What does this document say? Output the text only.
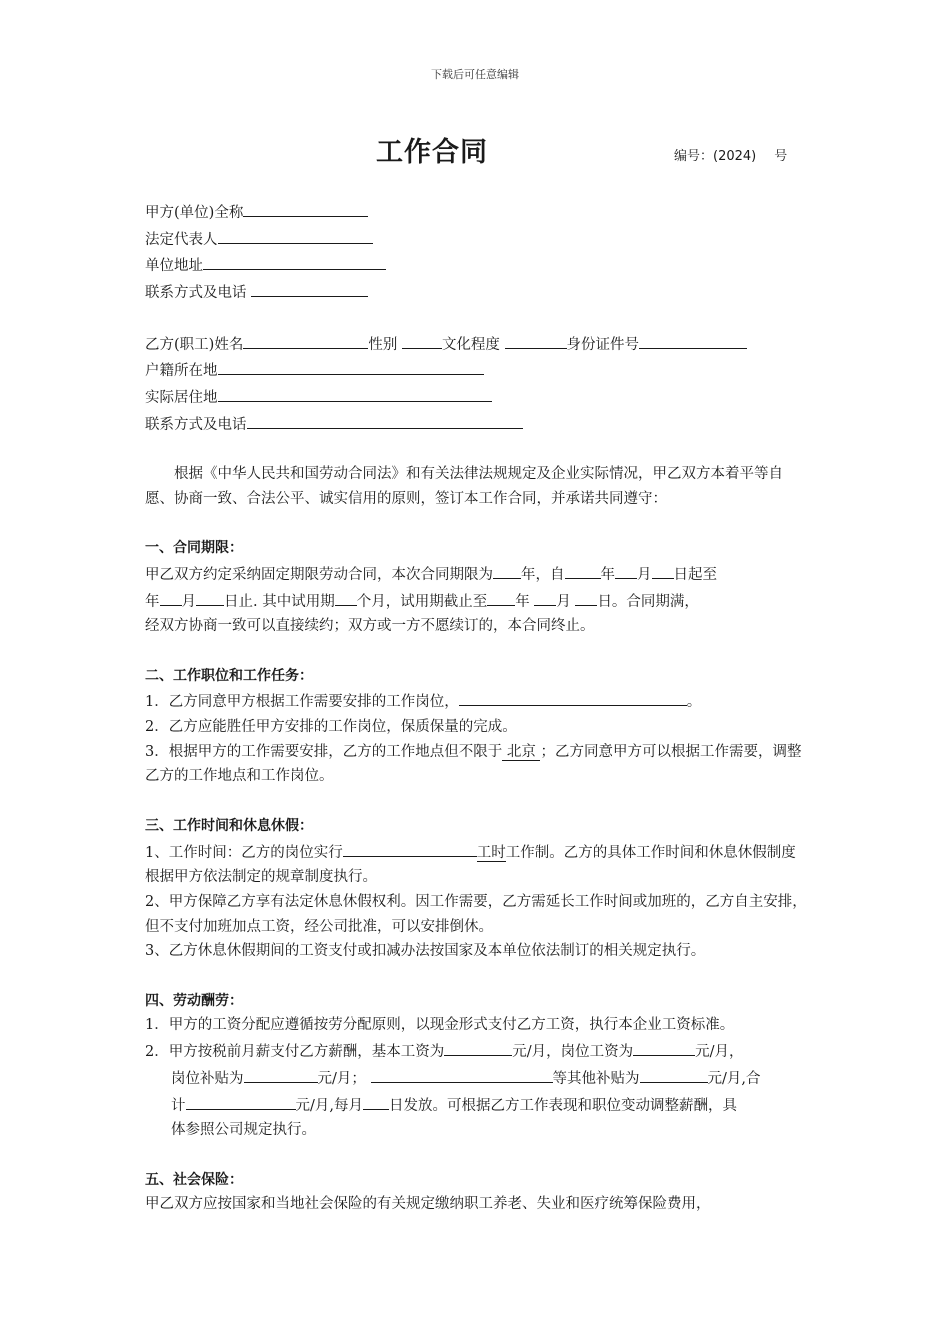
下载后可任意编辑
工作合同	编号：(2024) 号
甲方(单位)全称
法定代表人
单位地址
联系方式及电话
乙方(职工)姓名	性别	文化程度	身份证件号
户籍所在地
实际居住地
联系方式及电话

根据《中华人民共和国劳动合同法》和有关法律法规规定及企业实际情况，甲乙双方本着平等自愿、协商一致、合法公平、诚实信用的原则，签订本工作合同，并承诺共同遵守：

一、合同期限：
甲乙双方约定采纳固定期限劳动合同，本次合同期限为 年，自 年 月 日起至
年 月 日止. 其中试用期 个月，试用期截止至 年 月 日。合同期满，
经双方协商一致可以直接续约；双方或一方不愿续订的，本合同终止。
二、工作职位和工作任务：
1．乙方同意甲方根据工作需要安排的工作岗位，	。
2．乙方应能胜任甲方安排的工作岗位，保质保量的完成。

3．根据甲方的工作需要安排，乙方的工作地点但不限于 北京 ；乙方同意甲方可以根据工作需要，调整乙方的工作地点和工作岗位。

三、工作时间和休息休假：

1、工作时间：乙方的岗位实行	工时工作制。乙方的具体工作时间和休息休假制度根据甲方依法制定的规章制度执行。

2、甲方保障乙方享有法定休息休假权利。因工作需要，乙方需延长工作时间或加班的，乙方自主安排，但不支付加班加点工资，经公司批准，可以安排倒休。

3、乙方休息休假期间的工资支付或扣减办法按国家及本单位依法制订的相关规定执行。

四、劳动酬劳：
1．甲方的工资分配应遵循按劳分配原则，以现金形式支付乙方工资，执行本企业工资标准。
2．甲方按税前月薪支付乙方薪酬，基本工资为	元/月，岗位工资为	元/月，
岗位补贴为	元/月；	等其他补贴为	元/月,合
计	元/月,每月 日发放。可根据乙方工作表现和职位变动调整薪酬，具
体参照公司规定执行。
五、社会保险：
甲乙双方应按国家和当地社会保险的有关规定缴纳职工养老、失业和医疗统筹保险费用，
